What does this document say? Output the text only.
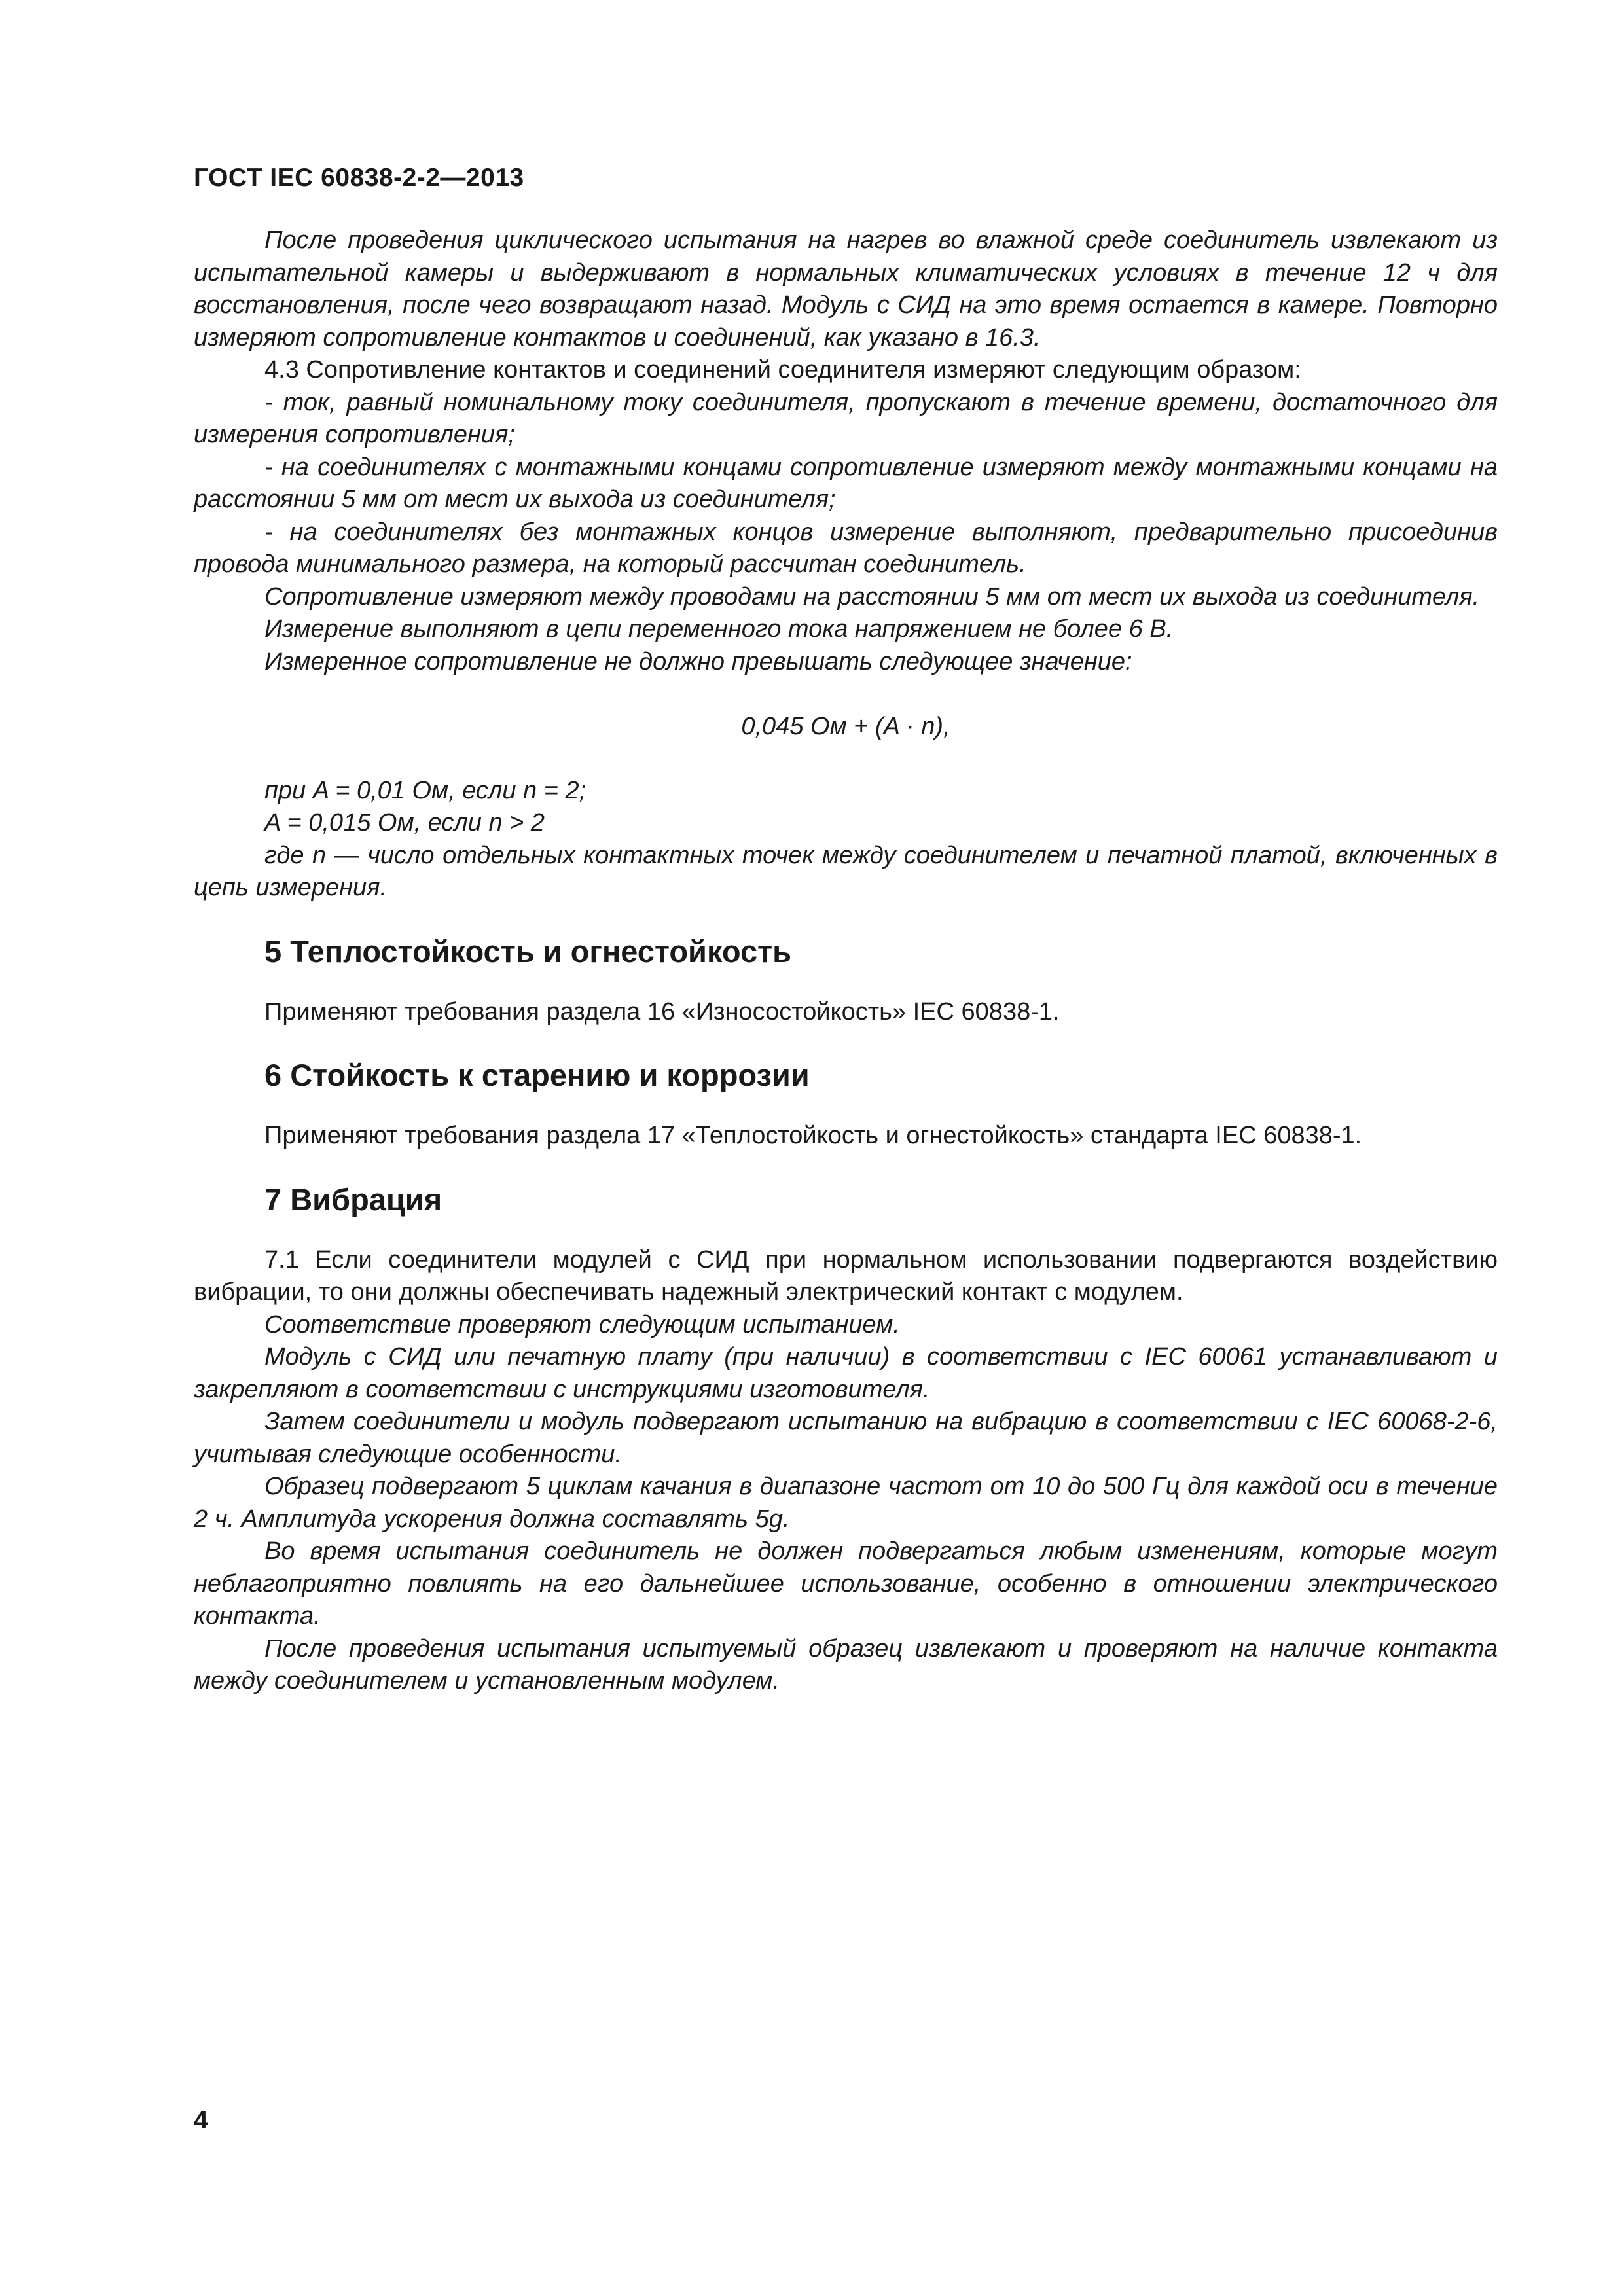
ГОСТ IEC 60838-2-2—2013

После проведения циклического испытания на нагрев во влажной среде соединитель извлекают из испытательной камеры и выдерживают в нормальных климатических условиях в течение 12 ч для восстановления, после чего возвращают назад. Модуль с СИД на это время остается в камере. Повторно измеряют сопротивление контактов и соединений, как указано в 16.3.

4.3 Сопротивление контактов и соединений соединителя измеряют следующим образом:

- ток, равный номинальному току соединителя, пропускают в течение времени, достаточного для измерения сопротивления;

- на соединителях с монтажными концами сопротивление измеряют между монтажными концами на расстоянии 5 мм от мест их выхода из соединителя;

- на соединителях без монтажных концов измерение выполняют, предварительно присоединив провода минимального размера, на который рассчитан соединитель.

Сопротивление измеряют между проводами на расстоянии 5 мм от мест их выхода из соединителя.

Измерение выполняют в цепи переменного тока напряжением не более 6 В.

Измеренное сопротивление не должно превышать следующее значение:

0,045 Ом + (A · n),

при A = 0,01 Ом, если n = 2;

A = 0,015 Ом, если n > 2

где n — число отдельных контактных точек между соединителем и печатной платой, включенных в цепь измерения.

5 Теплостойкость и огнестойкость

Применяют требования раздела 16 «Износостойкость» IEC 60838-1.

6 Стойкость к старению и коррозии

Применяют требования раздела 17 «Теплостойкость и огнестойкость» стандарта IEC 60838-1.

7 Вибрация

7.1 Если соединители модулей с СИД при нормальном использовании подвергаются воздействию вибрации, то они должны обеспечивать надежный электрический контакт с модулем.

Соответствие проверяют следующим испытанием.

Модуль с СИД или печатную плату (при наличии) в соответствии с IEC 60061 устанавливают и закрепляют в соответствии с инструкциями изготовителя.

Затем соединители и модуль подвергают испытанию на вибрацию в соответствии с IEC 60068-2-6, учитывая следующие особенности.

Образец подвергают 5 циклам качания в диапазоне частот от 10 до 500 Гц для каждой оси в течение 2 ч. Амплитуда ускорения должна составлять 5g.

Во время испытания соединитель не должен подвергаться любым изменениям, которые могут неблагоприятно повлиять на его дальнейшее использование, особенно в отношении электрического контакта.

После проведения испытания испытуемый образец извлекают и проверяют на наличие контакта между соединителем и установленным модулем.

4
